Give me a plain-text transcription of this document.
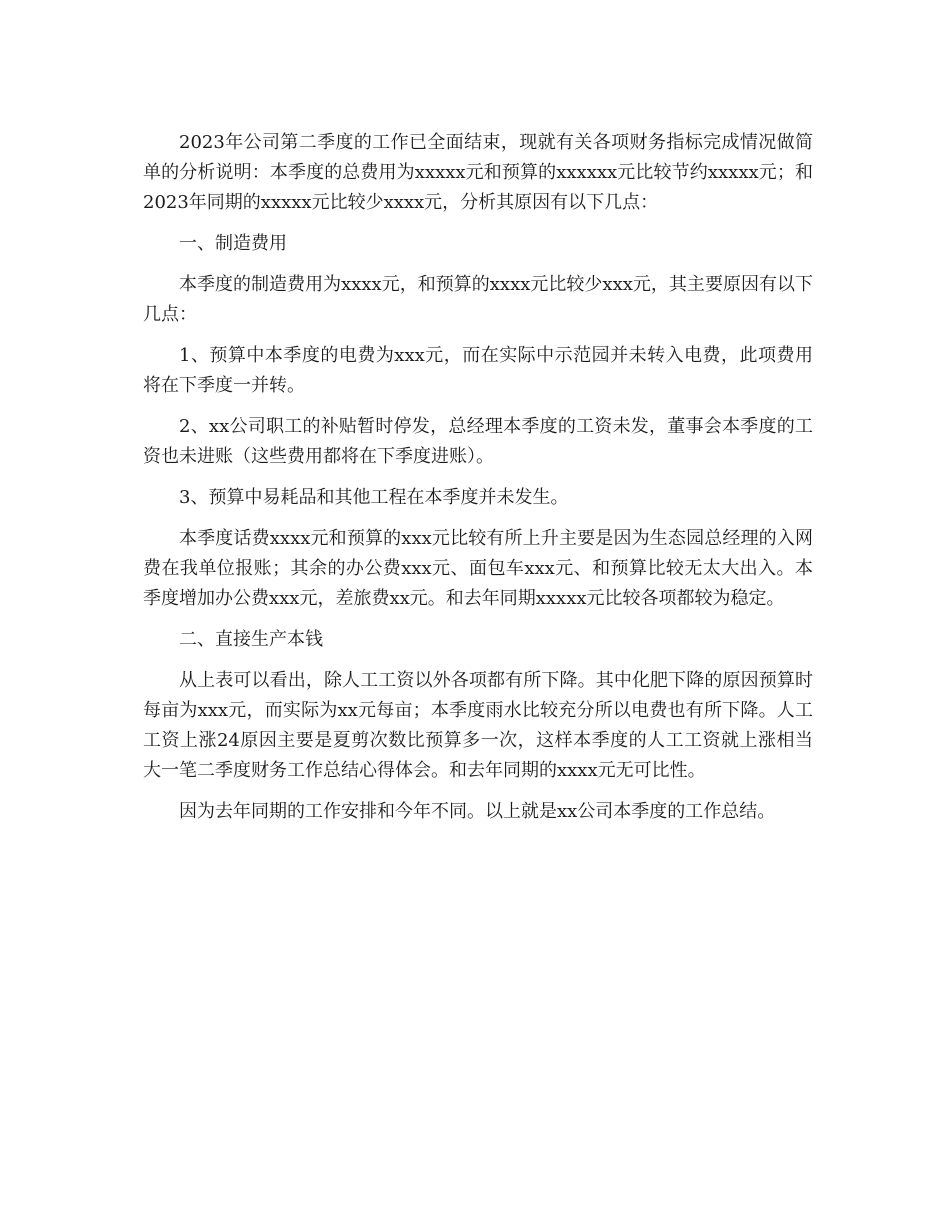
2023年公司第二季度的工作已全面结束，现就有关各项财务指标完成情况做简单的分析说明：本季度的总费用为xxxxx元和预算的xxxxxx元比较节约xxxxx元；和2023年同期的xxxxx元比较少xxxx元，分析其原因有以下几点：

一、制造费用

本季度的制造费用为xxxx元，和预算的xxxx元比较少xxx元，其主要原因有以下几点：

1、预算中本季度的电费为xxx元，而在实际中示范园并未转入电费，此项费用将在下季度一并转。

2、xx公司职工的补贴暂时停发，总经理本季度的工资未发，董事会本季度的工资也未进账（这些费用都将在下季度进账）。

3、预算中易耗品和其他工程在本季度并未发生。

本季度话费xxxx元和预算的xxx元比较有所上升主要是因为生态园总经理的入网费在我单位报账；其余的办公费xxx元、面包车xxx元、和预算比较无太大出入。本季度增加办公费xxx元，差旅费xx元。和去年同期xxxxx元比较各项都较为稳定。

二、直接生产本钱

从上表可以看出，除人工工资以外各项都有所下降。其中化肥下降的原因预算时每亩为xxx元，而实际为xx元每亩；本季度雨水比较充分所以电费也有所下降。人工工资上涨24原因主要是夏剪次数比预算多一次，这样本季度的人工工资就上涨相当大一笔二季度财务工作总结心得体会。和去年同期的xxxx元无可比性。

因为去年同期的工作安排和今年不同。以上就是xx公司本季度的工作总结。
